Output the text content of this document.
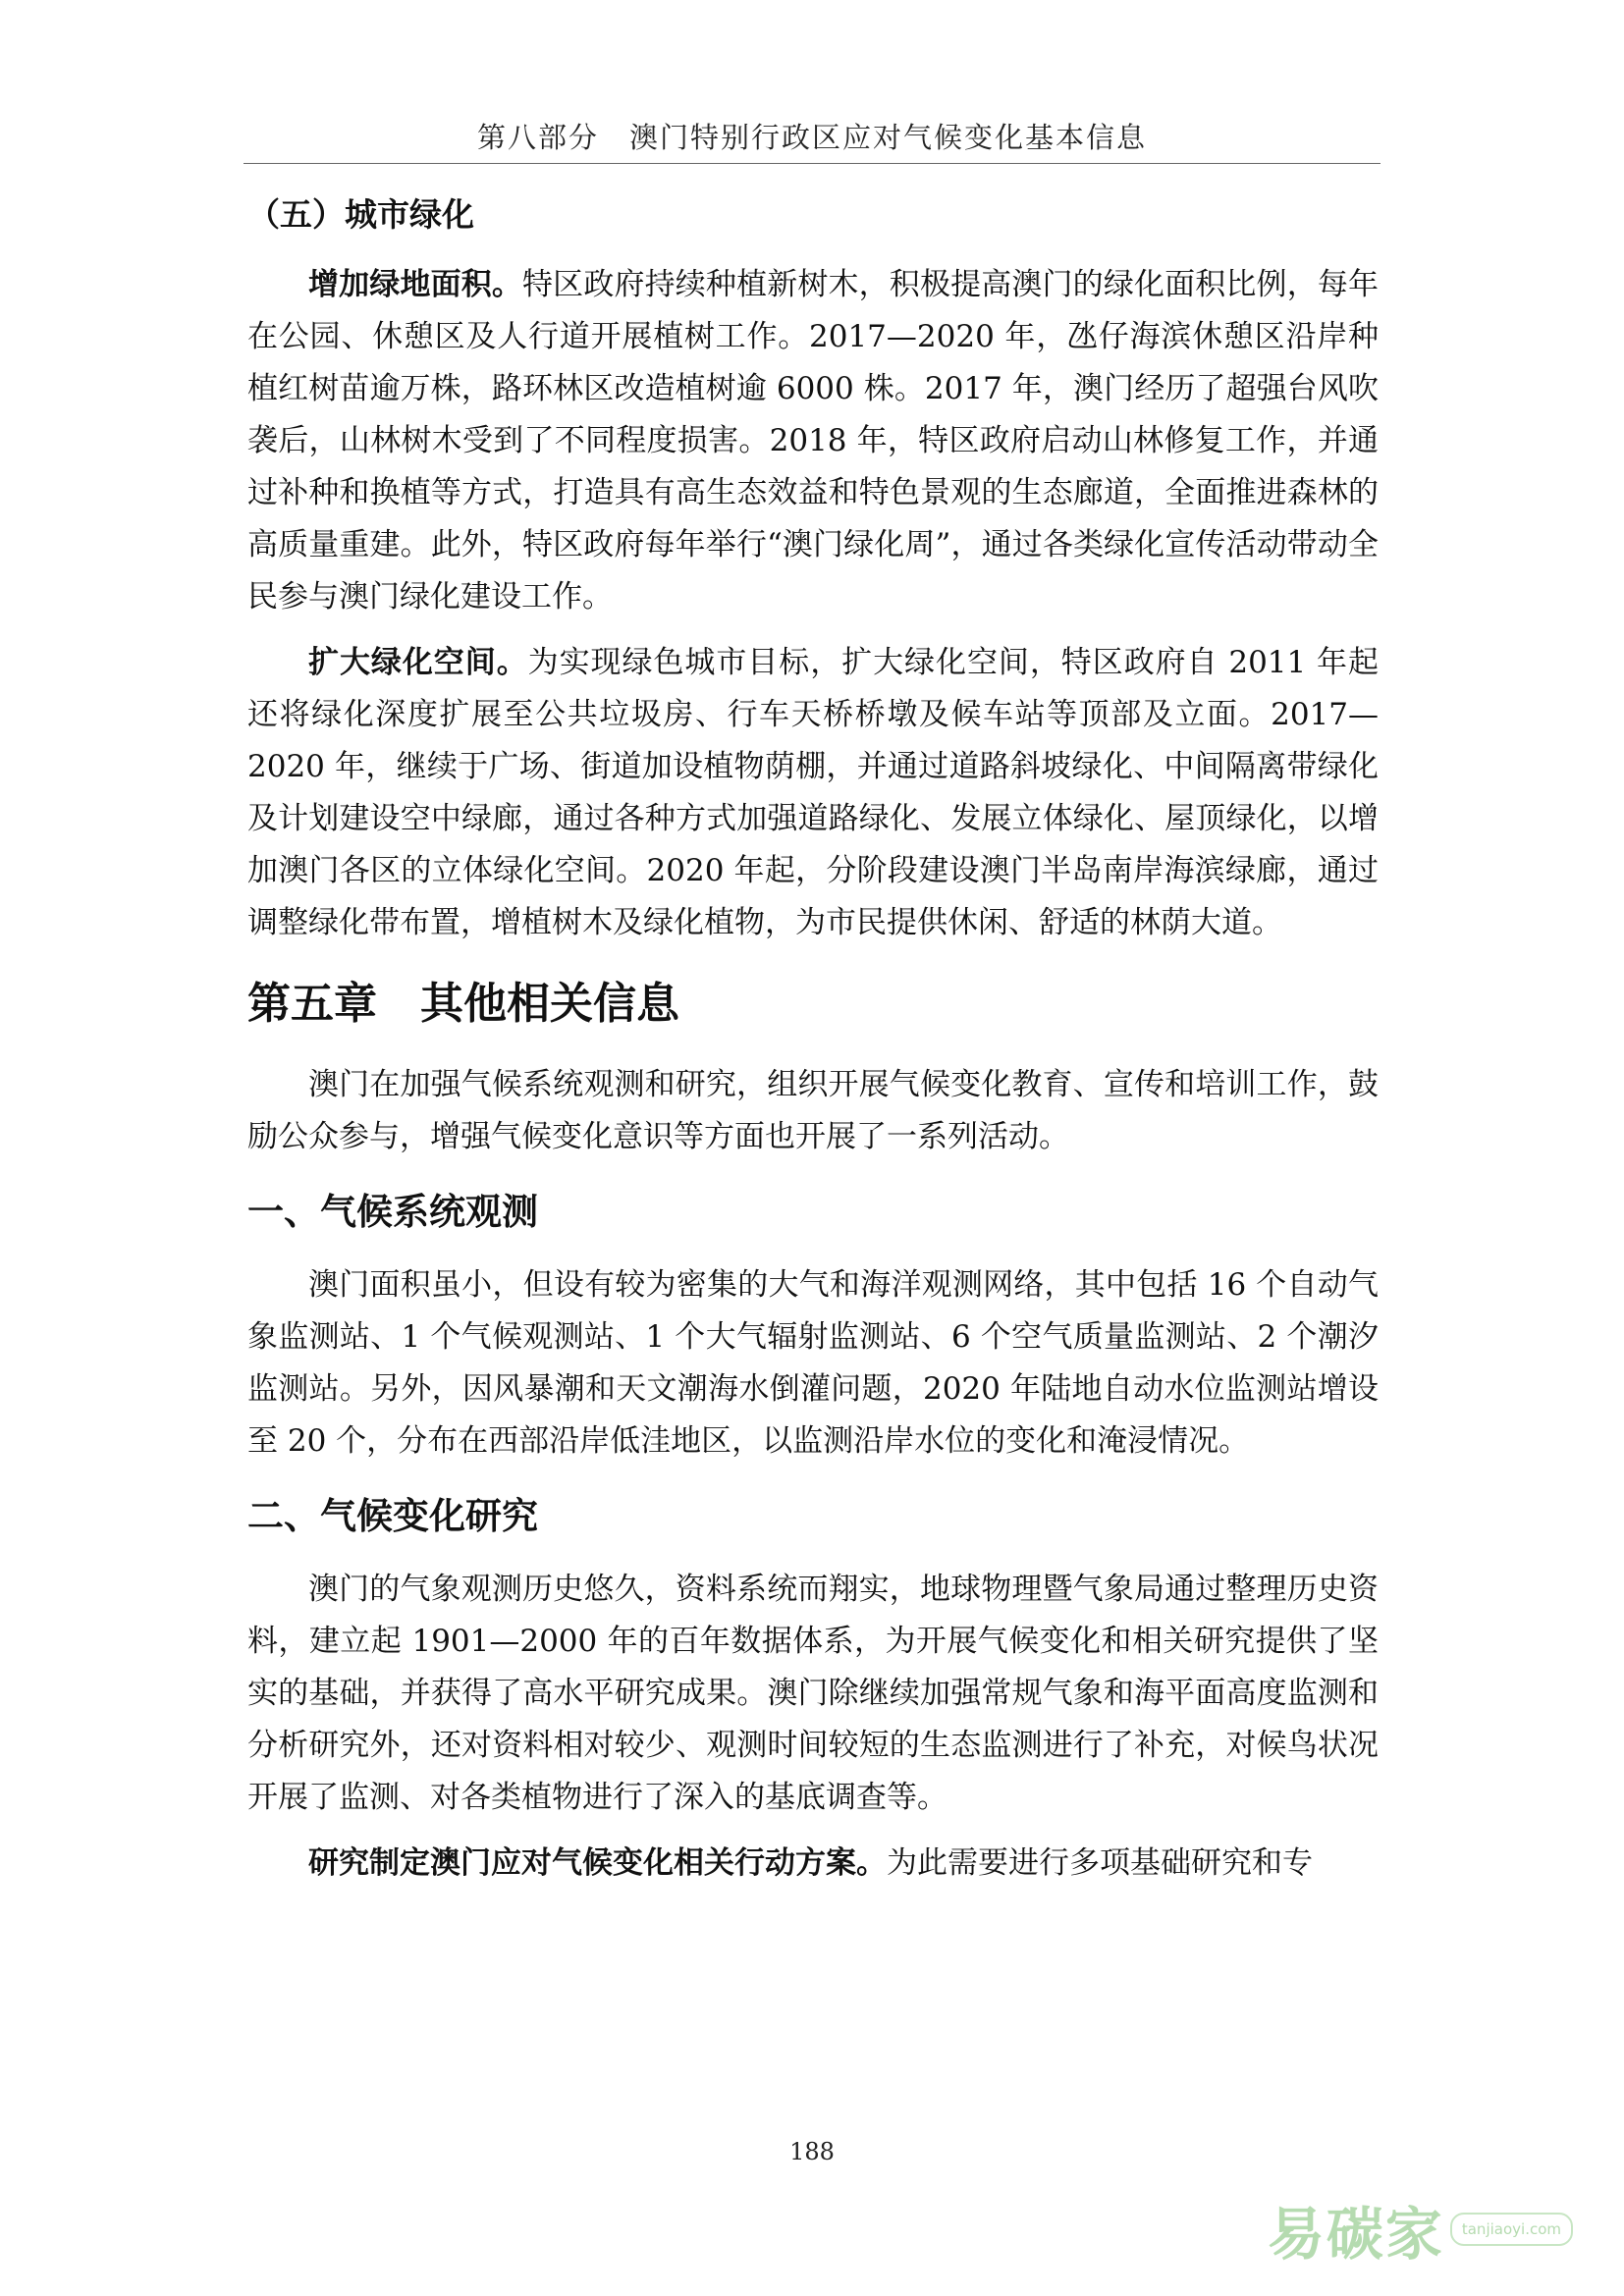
第八部分　澳门特别行政区应对气候变化基本信息
（五）城市绿化

增加绿地面积。特区政府持续种植新树木，积极提高澳门的绿化面积比例，每年在公园、休憩区及人行道开展植树工作。2017—2020 年，氹仔海滨休憩区沿岸种植红树苗逾万株，路环林区改造植树逾 6000 株。2017 年，澳门经历了超强台风吹袭后，山林树木受到了不同程度损害。2018 年，特区政府启动山林修复工作，并通过补种和换植等方式，打造具有高生态效益和特色景观的生态廊道，全面推进森林的高质量重建。此外，特区政府每年举行“澳门绿化周”，通过各类绿化宣传活动带动全民参与澳门绿化建设工作。

扩大绿化空间。为实现绿色城市目标，扩大绿化空间，特区政府自 2011 年起还将绿化深度扩展至公共垃圾房、行车天桥桥墩及候车站等顶部及立面。2017—2020 年，继续于广场、街道加设植物荫棚，并通过道路斜坡绿化、中间隔离带绿化及计划建设空中绿廊，通过各种方式加强道路绿化、发展立体绿化、屋顶绿化，以增加澳门各区的立体绿化空间。2020 年起，分阶段建设澳门半岛南岸海滨绿廊，通过调整绿化带布置，增植树木及绿化植物，为市民提供休闲、舒适的林荫大道。

第五章　其他相关信息

澳门在加强气候系统观测和研究，组织开展气候变化教育、宣传和培训工作，鼓励公众参与，增强气候变化意识等方面也开展了一系列活动。

一、气候系统观测

澳门面积虽小，但设有较为密集的大气和海洋观测网络，其中包括 16 个自动气象监测站、1 个气候观测站、1 个大气辐射监测站、6 个空气质量监测站、2 个潮汐监测站。另外，因风暴潮和天文潮海水倒灌问题，2020 年陆地自动水位监测站增设至 20 个，分布在西部沿岸低洼地区，以监测沿岸水位的变化和淹浸情况。

二、气候变化研究

澳门的气象观测历史悠久，资料系统而翔实，地球物理暨气象局通过整理历史资料，建立起 1901—2000 年的百年数据体系，为开展气候变化和相关研究提供了坚实的基础，并获得了高水平研究成果。澳门除继续加强常规气象和海平面高度监测和分析研究外，还对资料相对较少、观测时间较短的生态监测进行了补充，对候鸟状况开展了监测、对各类植物进行了深入的基底调查等。

研究制定澳门应对气候变化相关行动方案。为此需要进行多项基础研究和专

188
易碳家	tanjiaoyi.com
